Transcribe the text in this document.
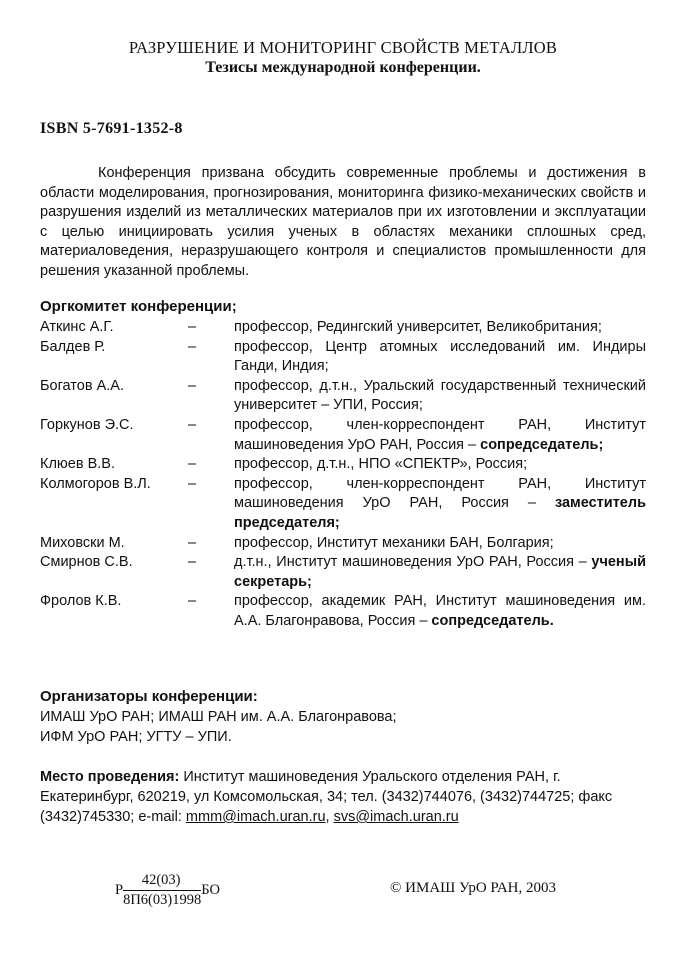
РАЗРУШЕНИЕ И МОНИТОРИНГ СВОЙСТВ МЕТАЛЛОВ
Тезисы международной конференции.
ISBN 5-7691-1352-8
Конференция призвана обсудить современные проблемы и достижения в области моделирования, прогнозирования, мониторинга физико-механических свойств и разрушения изделий из металлических материалов при их изготовлении и эксплуатации с целью инициировать усилия ученых в областях механики сплошных сред, материаловедения, неразрушающего контроля и специалистов промышленности для решения указанной проблемы.
Оргкомитет конференции;
Аткинс А.Г.	–	профессор, Редингский университет, Великобритания;
Балдев Р.	–	профессор, Центр атомных исследований им. Индиры Ганди, Индия;
Богатов А.А.	–	профессор, д.т.н., Уральский государственный технический университет – УПИ, Россия;
Горкунов Э.С.	–	профессор, член-корреспондент РАН, Институт машиноведения УрО РАН, Россия – сопредседатель;
Клюев В.В.	–	профессор, д.т.н., НПО «СПЕКТР», Россия;
Колмогоров В.Л.	–	профессор, член-корреспондент РАН, Институт машиноведения УрО РАН, Россия – заместитель председателя;
Миховски М.	–	профессор, Институт механики БАН, Болгария;
Смирнов С.В.	–	д.т.н., Институт машиноведения УрО РАН, Россия – ученый секретарь;
Фролов К.В.	–	профессор, академик РАН, Институт машиноведения им. А.А. Благонравова, Россия – сопредседатель.
Организаторы конференции:
ИМАШ УрО РАН; ИМАШ РАН им. А.А. Благонравова;
ИФМ УрО РАН; УГТУ – УПИ.
Место проведения: Институт машиноведения Уральского отделения РАН, г. Екатеринбург, 620219, ул Комсомольская, 34; тел. (3432)744076, (3432)744725; факс (3432)745330; e-mail: mmm@imach.uran.ru, svs@imach.uran.ru
Р $\frac{42(03)}{8П6(03)1998}$ БО	© ИМАШ УрО РАН, 2003
